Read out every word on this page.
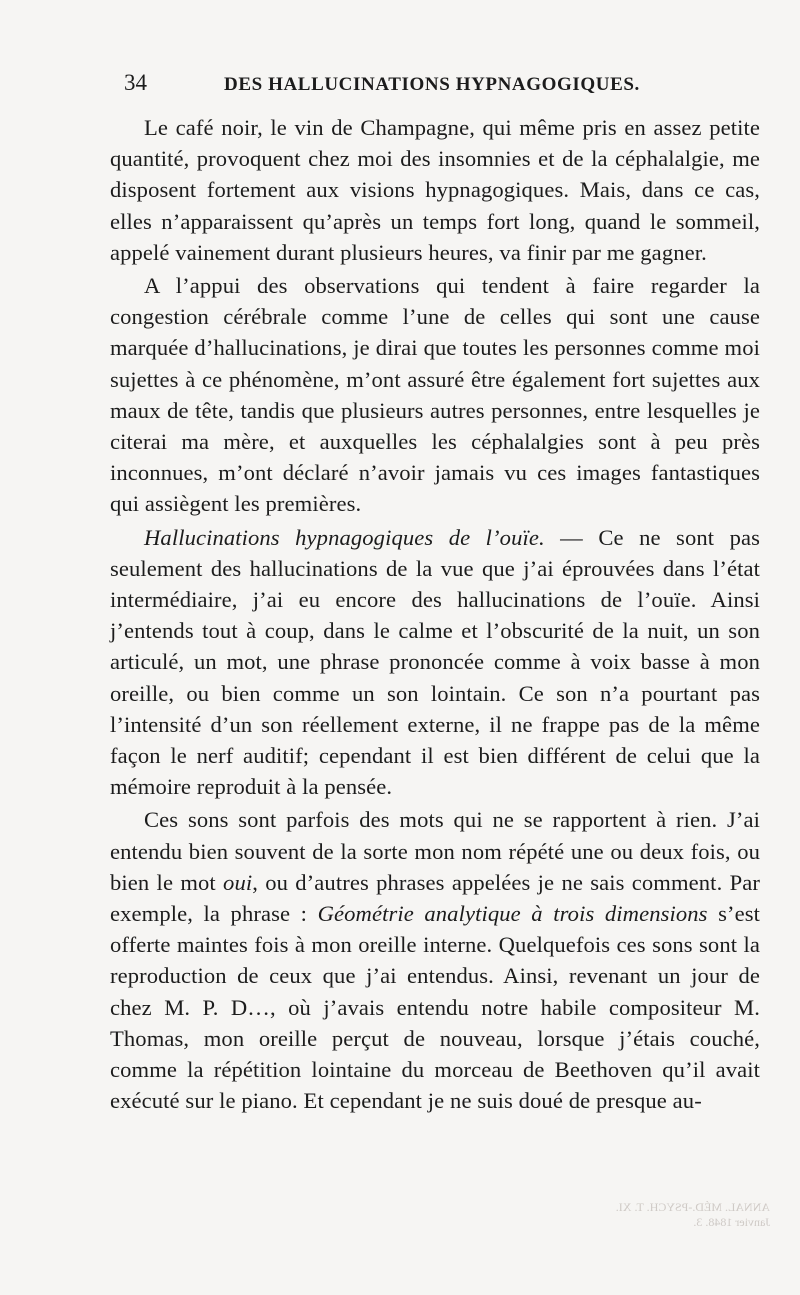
34	DES HALLUCINATIONS HYPNAGOGIQUES.

Le café noir, le vin de Champagne, qui même pris en assez petite quantité, provoquent chez moi des insomnies et de la céphalalgie, me disposent fortement aux visions hypnagogiques. Mais, dans ce cas, elles n’apparaissent qu’après un temps fort long, quand le sommeil, appelé vainement durant plusieurs heures, va finir par me gagner.

A l’appui des observations qui tendent à faire regarder la congestion cérébrale comme l’une de celles qui sont une cause marquée d’hallucinations, je dirai que toutes les personnes comme moi sujettes à ce phénomène, m’ont assuré être également fort sujettes aux maux de tête, tandis que plusieurs autres personnes, entre lesquelles je citerai ma mère, et auxquelles les céphalalgies sont à peu près inconnues, m’ont déclaré n’avoir jamais vu ces images fantastiques qui assiègent les premières.

Hallucinations hypnagogiques de l’ouïe. — Ce ne sont pas seulement des hallucinations de la vue que j’ai éprouvées dans l’état intermédiaire, j’ai eu encore des hallucinations de l’ouïe. Ainsi j’entends tout à coup, dans le calme et l’obscurité de la nuit, un son articulé, un mot, une phrase prononcée comme à voix basse à mon oreille, ou bien comme un son lointain. Ce son n’a pourtant pas l’intensité d’un son réellement externe, il ne frappe pas de la même façon le nerf auditif; cependant il est bien différent de celui que la mémoire reproduit à la pensée.

Ces sons sont parfois des mots qui ne se rapportent à rien. J’ai entendu bien souvent de la sorte mon nom répété une ou deux fois, ou bien le mot oui, ou d’autres phrases appelées je ne sais comment. Par exemple, la phrase : Géométrie analytique à trois dimensions s’est offerte maintes fois à mon oreille interne. Quelquefois ces sons sont la reproduction de ceux que j’ai entendus. Ainsi, revenant un jour de chez M. P. D…, où j’avais entendu notre habile compositeur M. Thomas, mon oreille perçut de nouveau, lorsque j’étais couché, comme la répétition lointaine du morceau de Beethoven qu’il avait exécuté sur le piano. Et cependant je ne suis doué de presque au-

ANNAL. MÉD.-PSYCH. T. XI. Janvier 1848. 3.
